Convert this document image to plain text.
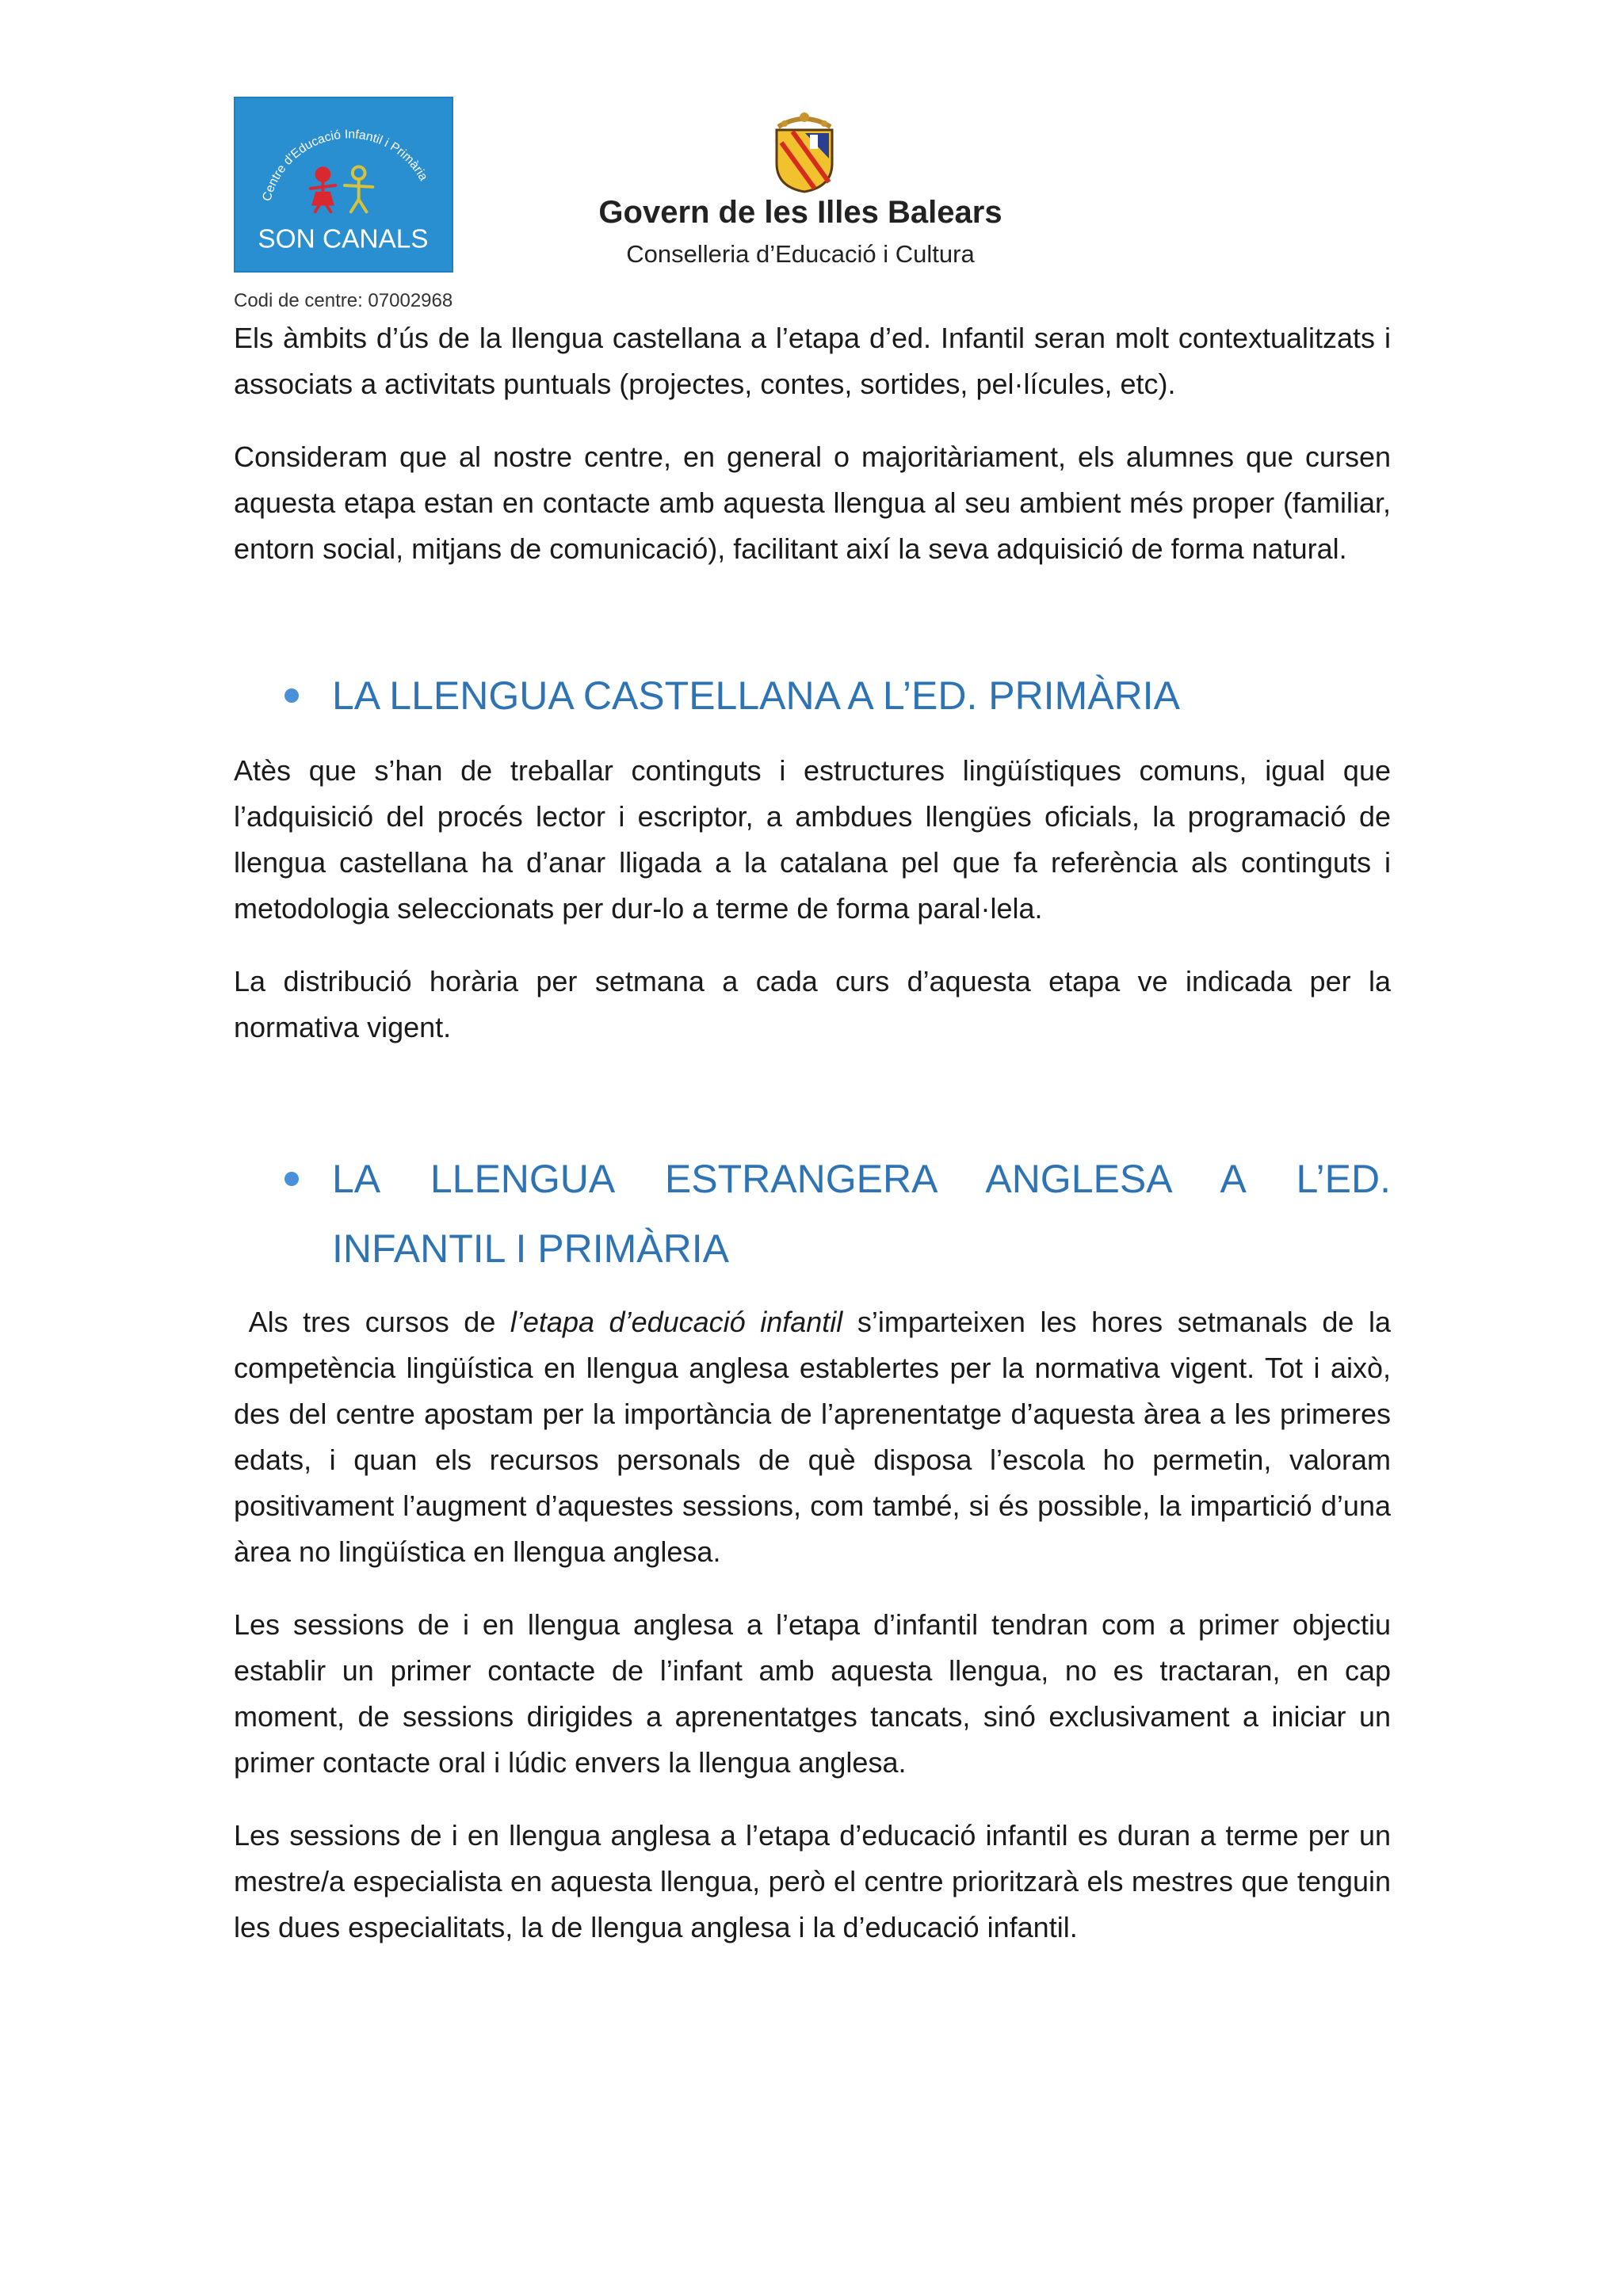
Centre d'Educació Infantil i Primària
SON CANALS
Codi de centre: 07002968
Govern de les Illes Balears
Conselleria d’Educació i Cultura

Els àmbits d’ús de la llengua castellana a l’etapa d’ed. Infantil seran molt contextualitzats i associats a activitats puntuals (projectes, contes, sortides, pel·lícules, etc).

Consideram que al nostre centre, en general o majoritàriament, els alumnes que cursen aquesta etapa estan en contacte amb aquesta llengua al seu ambient més proper (familiar, entorn social, mitjans de comunicació), facilitant així la seva adquisició de forma natural.

LA LLENGUA CASTELLANA A L’ED. PRIMÀRIA

Atès que s’han de treballar continguts i estructures lingüístiques comuns, igual que l’adquisició del procés lector i escriptor, a ambdues llengües oficials, la programació de llengua castellana ha d’anar lligada a la catalana pel que fa referència als continguts i metodologia seleccionats per dur-lo a terme de forma paral·lela.

La distribució horària per setmana a cada curs d’aquesta etapa ve indicada per la normativa vigent.

LA LLENGUA ESTRANGERA ANGLESA A L’ED.
INFANTIL I PRIMÀRIA

Als tres cursos de l’etapa d’educació infantil s’imparteixen les hores setmanals de la competència lingüística en llengua anglesa establertes per la normativa vigent. Tot i això, des del centre apostam per la importància de l’aprenentatge d’aquesta àrea a les primeres edats, i quan els recursos personals de què disposa l’escola ho permetin, valoram positivament l’augment d’aquestes sessions, com també, si és possible, la impartició d’una àrea no lingüística en llengua anglesa.

Les sessions de i en llengua anglesa a l’etapa d’infantil tendran com a primer objectiu establir un primer contacte de l’infant amb aquesta llengua, no es tractaran, en cap moment, de sessions dirigides a aprenentatges tancats, sinó exclusivament a iniciar un primer contacte oral i lúdic envers la llengua anglesa.

Les sessions de i en llengua anglesa a l’etapa d’educació infantil es duran a terme per un mestre/a especialista en aquesta llengua, però el centre prioritzarà els mestres que tenguin les dues especialitats, la de llengua anglesa i la d’educació infantil.
